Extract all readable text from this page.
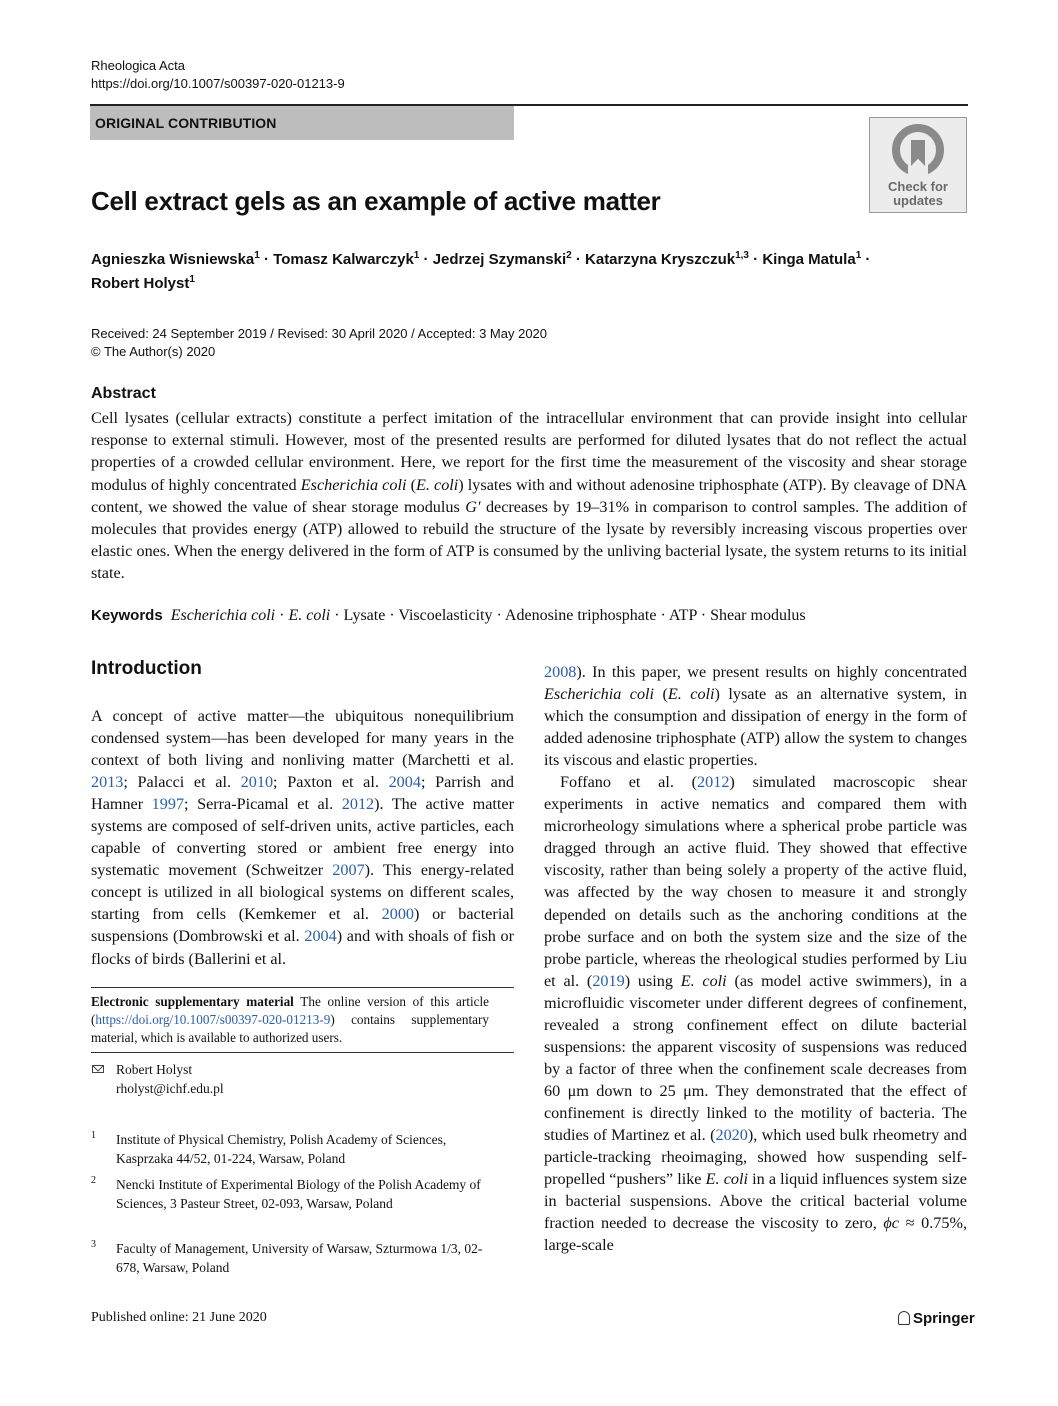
Rheologica Acta
https://doi.org/10.1007/s00397-020-01213-9
ORIGINAL CONTRIBUTION
Check for
updates
Cell extract gels as an example of active matter
Agnieszka Wisniewska$^1$ · Tomasz Kalwarczyk$^1$ · Jedrzej Szymanski$^2$ · Katarzyna Kryszczuk$^{1,3}$ · Kinga Matula$^1$ ·
Robert Holyst$^1$
Received: 24 September 2019 / Revised: 30 April 2020 / Accepted: 3 May 2020
© The Author(s) 2020
Abstract
Cell lysates (cellular extracts) constitute a perfect imitation of the intracellular environment that can provide insight into cellular response to external stimuli. However, most of the presented results are performed for diluted lysates that do not reflect the actual properties of a crowded cellular environment. Here, we report for the first time the measurement of the viscosity and shear storage modulus of highly concentrated Escherichia coli (E. coli) lysates with and without adenosine triphosphate (ATP). By cleavage of DNA content, we showed the value of shear storage modulus G′ decreases by 19–31% in comparison to control samples. The addition of molecules that provides energy (ATP) allowed to rebuild the structure of the lysate by reversibly increasing viscous properties over elastic ones. When the energy delivered in the form of ATP is consumed by the unliving bacterial lysate, the system returns to its initial state.
Keywords Escherichia coli · E. coli · Lysate · Viscoelasticity · Adenosine triphosphate · ATP · Shear modulus
Introduction

A concept of active matter—the ubiquitous nonequilibrium condensed system—has been developed for many years in the context of both living and nonliving matter (Marchetti et al. 2013; Palacci et al. 2010; Paxton et al. 2004; Parrish and Hamner 1997; Serra-Picamal et al. 2012). The active matter systems are composed of self-driven units, active particles, each capable of converting stored or ambient free energy into systematic movement (Schweitzer 2007). This energy-related concept is utilized in all biological systems on different scales, starting from cells (Kemkemer et al. 2000) or bacterial suspensions (Dombrowski et al. 2004) and with shoals of fish or flocks of birds (Ballerini et al.

2008). In this paper, we present results on highly concentrated Escherichia coli (E. coli) lysate as an alternative system, in which the consumption and dissipation of energy in the form of added adenosine triphosphate (ATP) allow the system to changes its viscous and elastic properties.

Foffano et al. (2012) simulated macroscopic shear experiments in active nematics and compared them with microrheology simulations where a spherical probe particle was dragged through an active fluid. They showed that effective viscosity, rather than being solely a property of the active fluid, was affected by the way chosen to measure it and strongly depended on details such as the anchoring conditions at the probe surface and on both the system size and the size of the probe particle, whereas the rheological studies performed by Liu et al. (2019) using E. coli (as model active swimmers), in a microfluidic viscometer under different degrees of confinement, revealed a strong confinement effect on dilute bacterial suspensions: the apparent viscosity of suspensions was reduced by a factor of three when the confinement scale decreases from 60 μm down to 25 μm. They demonstrated that the effect of confinement is directly linked to the motility of bacteria. The studies of Martinez et al. (2020), which used bulk rheometry and particle-tracking rheoimaging, showed how suspending self-propelled “pushers” like E. coli in a liquid influences system size in bacterial suspensions. Above the critical bacterial volume fraction needed to decrease the viscosity to zero, ϕc ≈ 0.75%, large-scale

Electronic supplementary material The online version of this article (https://doi.org/10.1007/s00397-020-01213-9) contains supplementary material, which is available to authorized users.
Robert Holyst
rholyst@ichf.edu.pl
1 Institute of Physical Chemistry, Polish Academy of Sciences, Kasprzaka 44/52, 01-224, Warsaw, Poland
2 Nencki Institute of Experimental Biology of the Polish Academy of Sciences, 3 Pasteur Street, 02-093, Warsaw, Poland
3 Faculty of Management, University of Warsaw, Szturmowa 1/3, 02-678, Warsaw, Poland
Published online: 21 June 2020	Springer
